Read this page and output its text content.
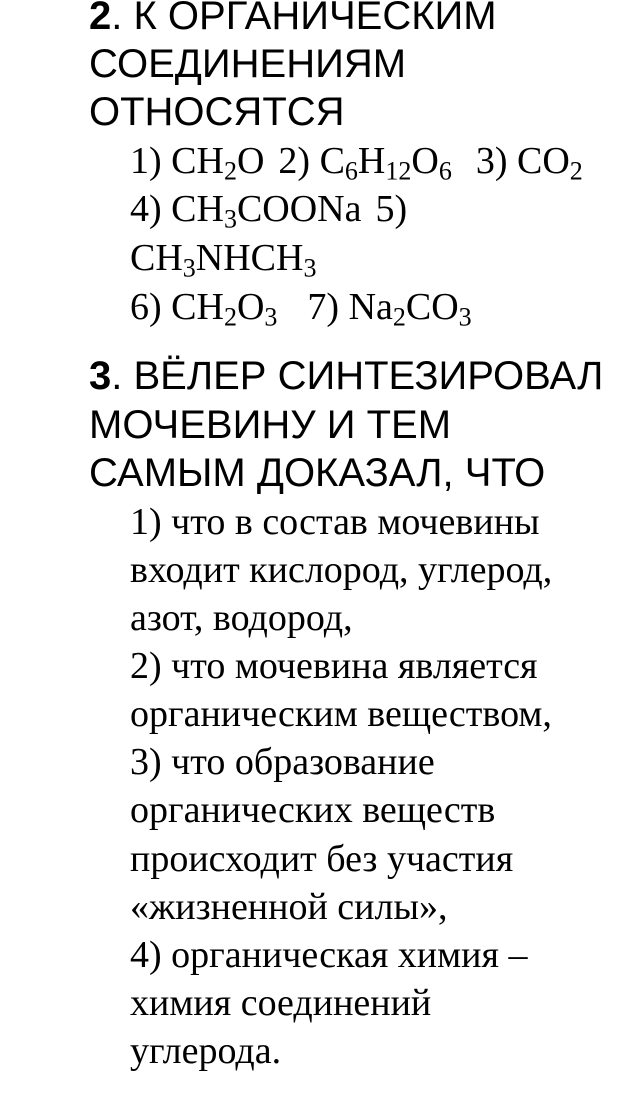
2. К ОРГАНИЧЕСКИМ
СОЕДИНЕНИЯМ
ОТНОСЯТСЯ
1) $CH_2O$ 2) $C_6H_{12}O_6$ 3) $CO_2$
4) $CH_3COONa$ 5)
$CH_3NHCH_3$
6) $CH_2O_3$ 7) $Na_2CO_3$
3. ВЁЛЕР СИНТЕЗИРОВАЛ
МОЧЕВИНУ И ТЕМ
САМЫМ ДОКАЗАЛ, ЧТО
1) что в состав мочевины
входит кислород, углерод,
азот, водород,
2) что мочевина является
органическим веществом,
3) что образование
органических веществ
происходит без участия
«жизненной силы»,
4) органическая химия –
химия соединений
углерода.
